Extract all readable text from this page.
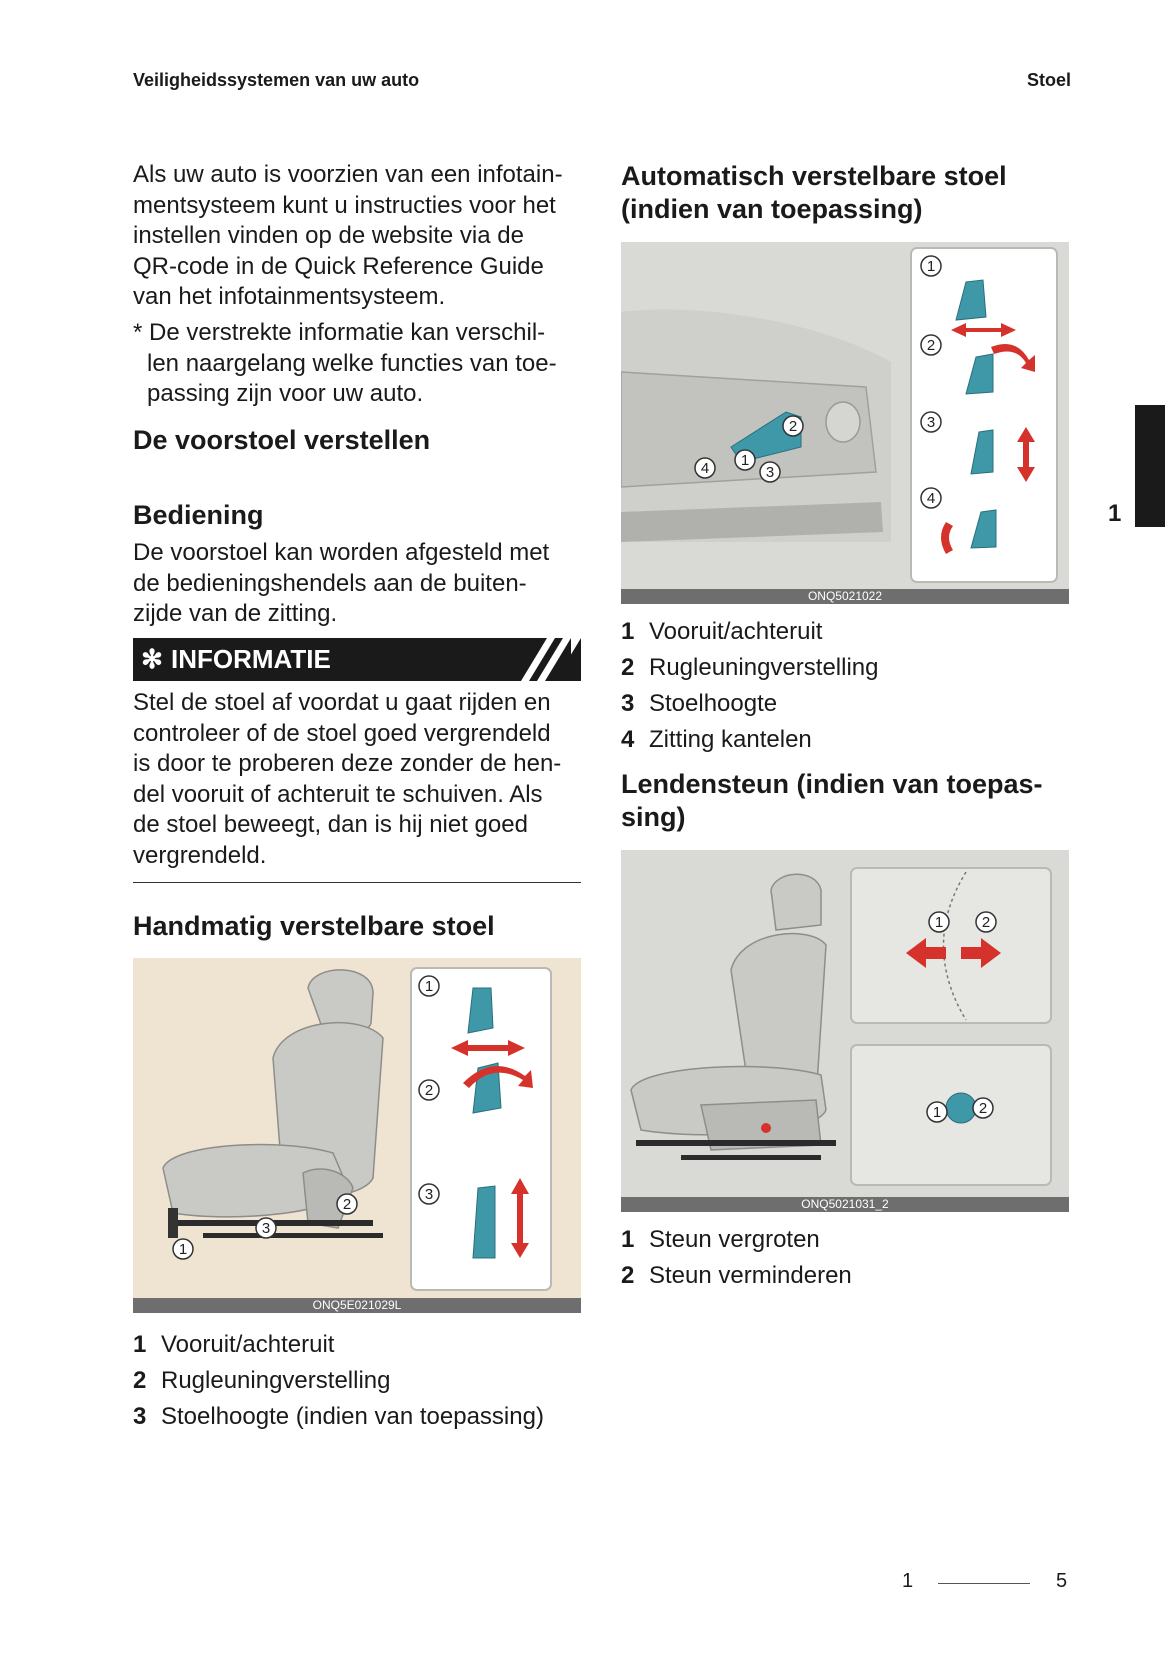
Veiligheidssystemen van uw auto	Stoel
Als uw auto is voorzien van een infotain-
mentsysteem kunt u instructies voor het
instellen vinden op de website via de
QR-code in de Quick Reference Guide
van het infotainmentsysteem.
* De verstrekte informatie kan verschil-
len naargelang welke functies van toe-
passing zijn voor uw auto.
De voorstoel verstellen
Bediening
De voorstoel kan worden afgesteld met
de bedieningshendels aan de buiten-
zijde van de zitting.
✻ INFORMATIE
Stel de stoel af voordat u gaat rijden en
controleer of de stoel goed vergrendeld
is door te proberen deze zonder de hen-
del vooruit of achteruit te schuiven. Als
de stoel beweegt, dan is hij niet goed
vergrendeld.
Handmatig verstelbare stoel
1
3
2
1
2
3
ONQ5E021029L
1 Vooruit/achteruit
2 Rugleuningverstelling
3 Stoelhoogte (indien van toepassing)
Automatisch verstelbare stoel
(indien van toepassing)
4 1
3
2
1
2
3
4
ONQ5021022
1 Vooruit/achteruit
2 Rugleuningverstelling
3 Stoelhoogte
4 Zitting kantelen
Lendensteun (indien van toepas-
sing)
1	2
1	2
ONQ5021031_2
1 Steun vergroten
2 Steun verminderen
1
1	5
